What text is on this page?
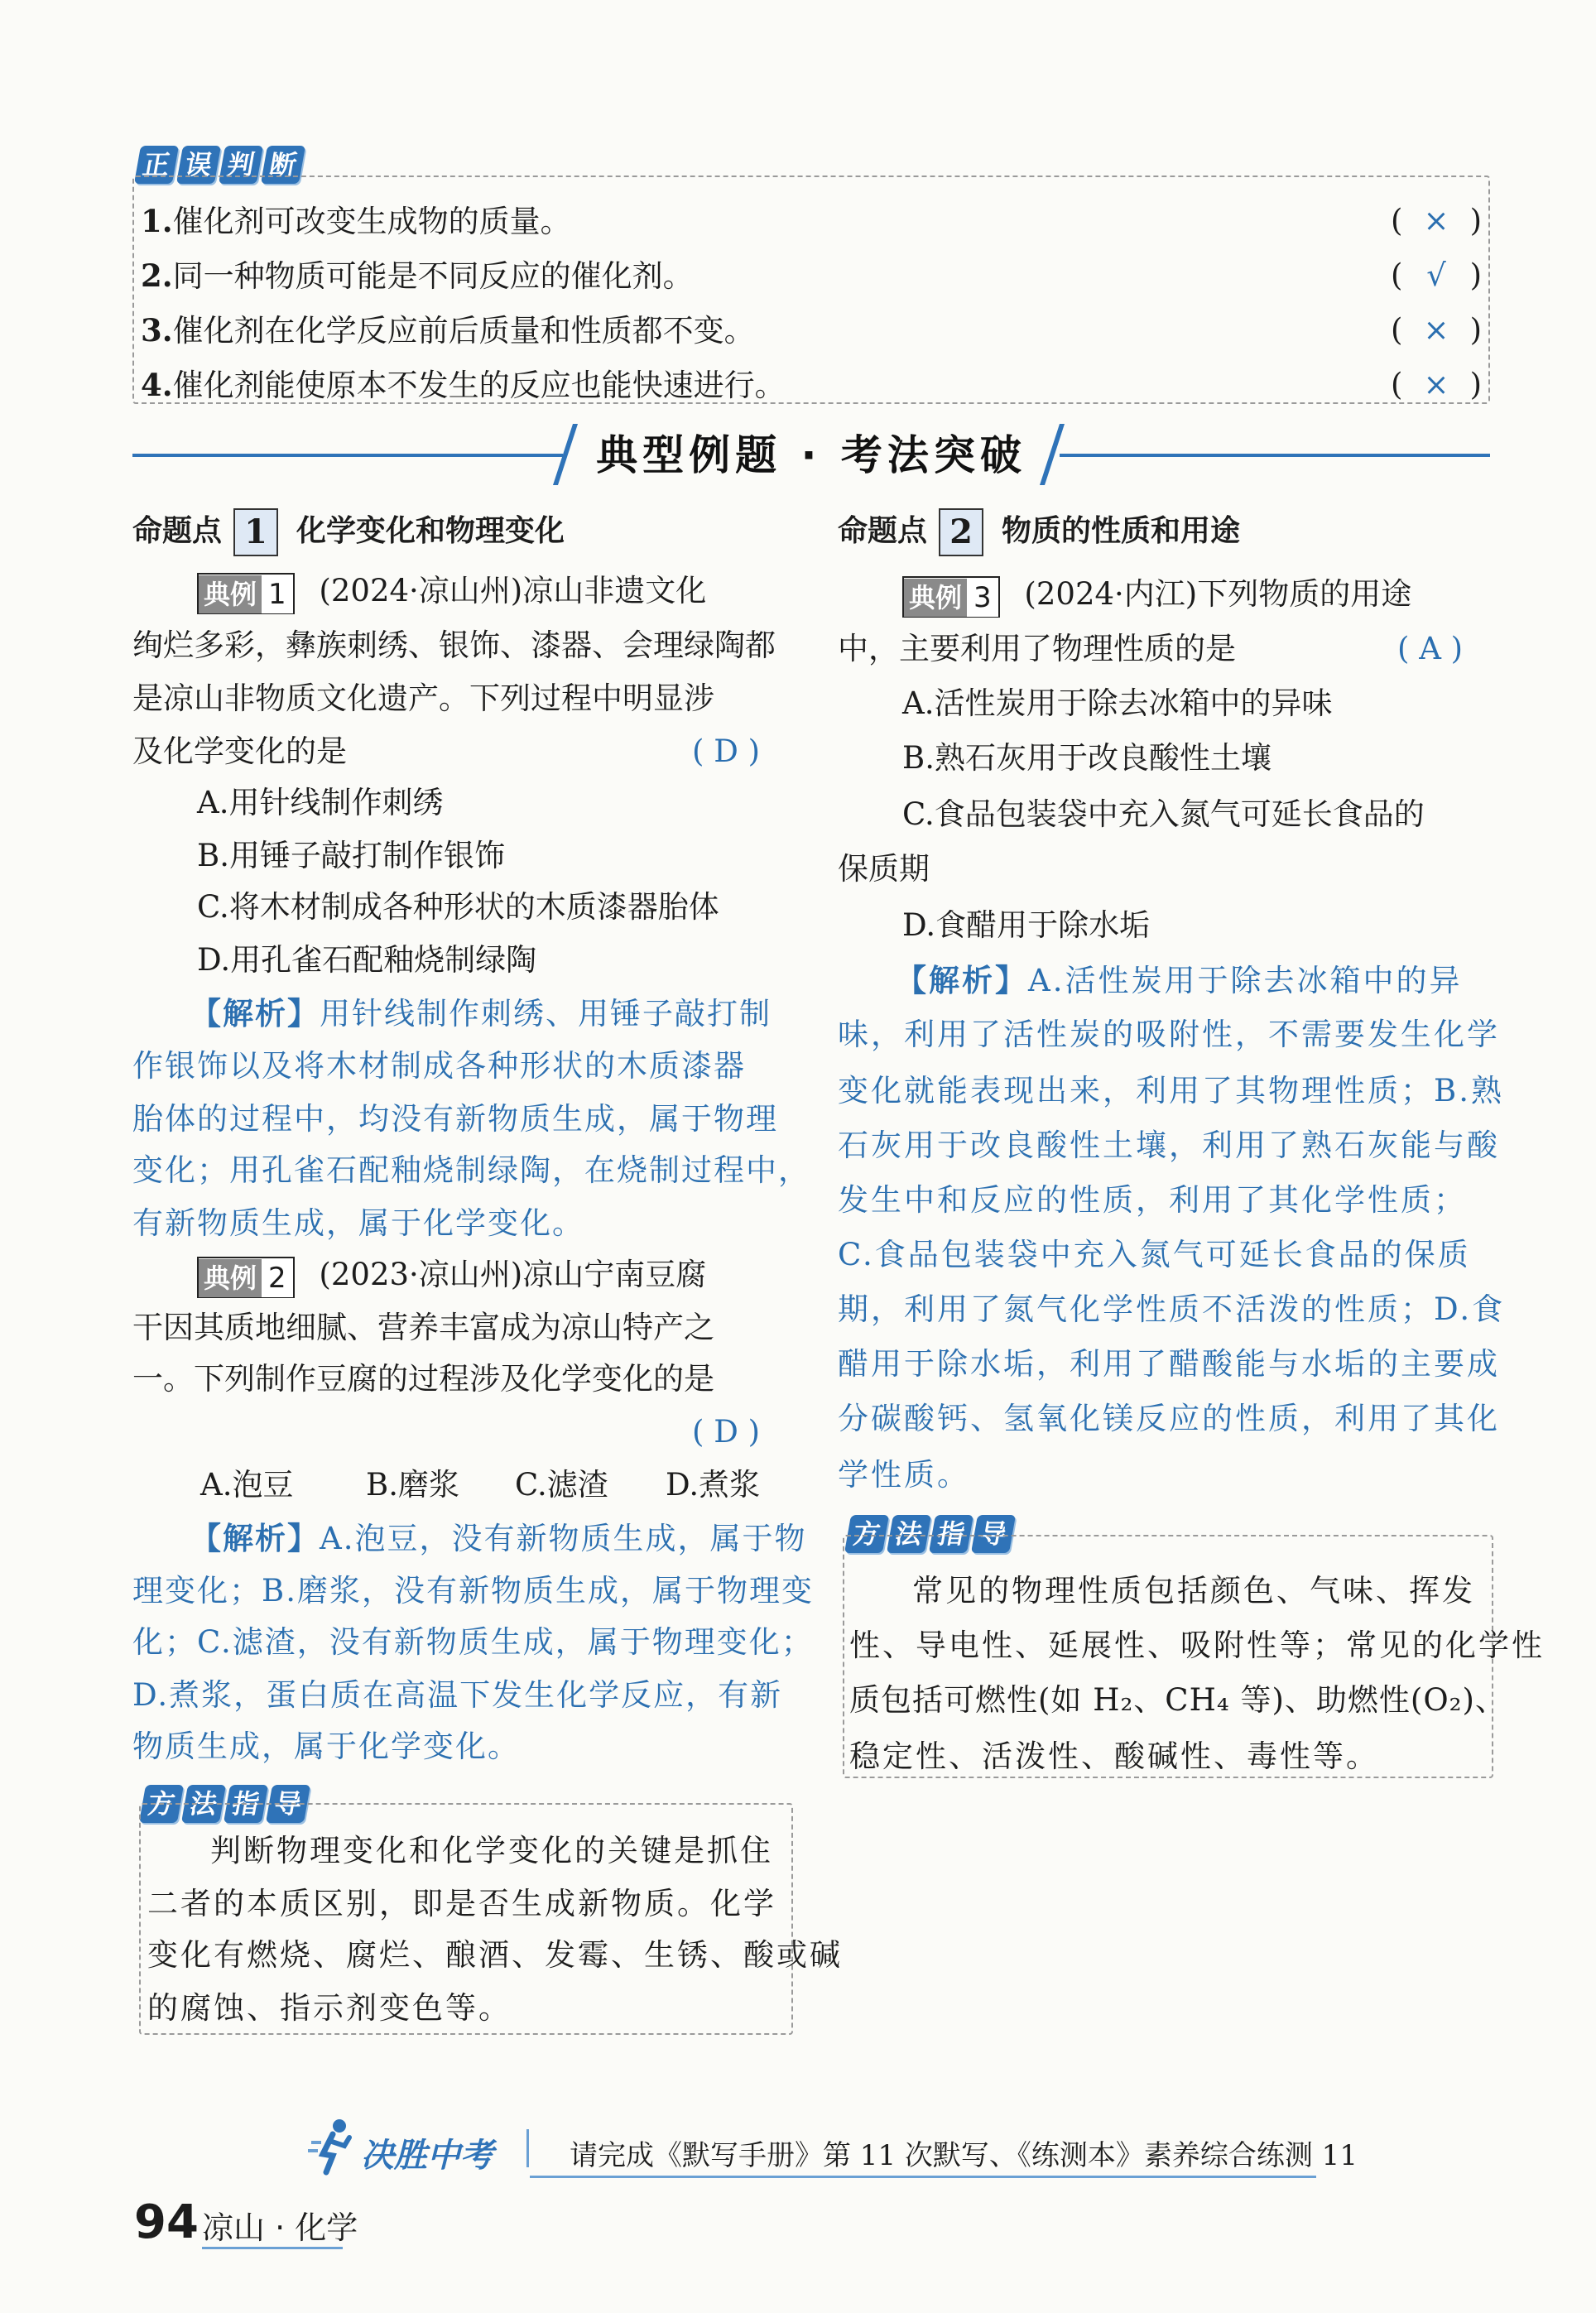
正 误 判 断
1.催化剂可改变生成物的质量。	( × )
2.同一种物质可能是不同反应的催化剂。	( √ )
3.催化剂在化学反应前后质量和性质都不变。	( × )
4.催化剂能使原本不发生的反应也能快速进行。	( × )
典型例题 · 考法突破
命题点 1 化学变化和物理变化
典例 1 (2024·凉山州)凉山非遗文化
绚烂多彩，彝族刺绣、银饰、漆器、会理绿陶都
是凉山非物质文化遗产。下列过程中明显涉
及化学变化的是	( D )
A.用针线制作刺绣
B.用锤子敲打制作银饰
C.将木材制成各种形状的木质漆器胎体
D.用孔雀石配釉烧制绿陶
【解析】用针线制作刺绣、用锤子敲打制
作银饰以及将木材制成各种形状的木质漆器
胎体的过程中，均没有新物质生成，属于物理
变化；用孔雀石配釉烧制绿陶，在烧制过程中，
有新物质生成，属于化学变化。
典例 2 (2023·凉山州)凉山宁南豆腐
干因其质地细腻、营养丰富成为凉山特产之
一。下列制作豆腐的过程涉及化学变化的是
( D )
A.泡豆 B.磨浆 C.滤渣 D.煮浆
【解析】A.泡豆，没有新物质生成，属于物
理变化；B.磨浆，没有新物质生成，属于物理变
化；C.滤渣，没有新物质生成，属于物理变化；
D.煮浆，蛋白质在高温下发生化学反应，有新
物质生成，属于化学变化。
方 法 指 导
判断物理变化和化学变化的关键是抓住
二者的本质区别，即是否生成新物质。化学
变化有燃烧、腐烂、酿酒、发霉、生锈、酸或碱
的腐蚀、指示剂变色等。
命题点 2 物质的性质和用途
典例 3 (2024·内江)下列物质的用途
中，主要利用了物理性质的是	( A )
A.活性炭用于除去冰箱中的异味
B.熟石灰用于改良酸性土壤
C.食品包装袋中充入氮气可延长食品的
保质期
D.食醋用于除水垢
【解析】A.活性炭用于除去冰箱中的异
味，利用了活性炭的吸附性，不需要发生化学
变化就能表现出来，利用了其物理性质；B.熟
石灰用于改良酸性土壤，利用了熟石灰能与酸
发生中和反应的性质，利用了其化学性质；
C.食品包装袋中充入氮气可延长食品的保质
期，利用了氮气化学性质不活泼的性质；D.食
醋用于除水垢，利用了醋酸能与水垢的主要成
分碳酸钙、氢氧化镁反应的性质，利用了其化
学性质。
方 法 指 导
常见的物理性质包括颜色、气味、挥发
性、导电性、延展性、吸附性等；常见的化学性
质包括可燃性(如 H₂、CH₄ 等)、助燃性(O₂)、
稳定性、活泼性、酸碱性、毒性等。
决胜中考	请完成《默写手册》第 11 次默写、《练测本》素养综合练测 11
94 凉山 · 化学
